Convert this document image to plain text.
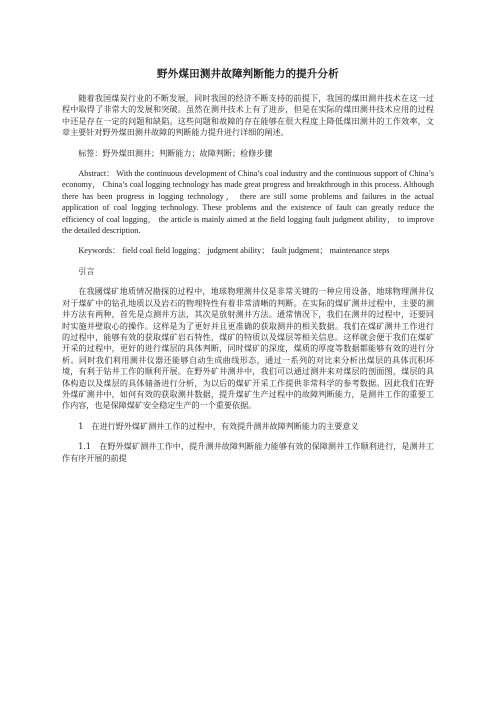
野外煤田测井故障判断能力的提升分析

随着我国煤炭行业的不断发展，同时我国的经济不断支持的前提下，我国的煤田测井技术在这一过程中取得了非常大的发展和突破。虽然在测井技术上有了进步，但是在实际的煤田测井技术应用的过程中还是存在一定的问题和缺陷。这些问题和故障的存在能够在很大程度上降低煤田测井的工作效率，文章主要针对野外煤田测井故障的判断能力提升进行详细的阐述。

标签：野外煤田测井；判断能力；故障判断；检修步骤

Abstract： With the continuous development of China’s coal industry and the continuous support of China’s economy， China’s coal logging technology has made great progress and breakthrough in this process. Although there has been progress in logging technology， there are still some problems and failures in the actual application of coal logging technology. These problems and the existence of fault can greatly reduce the efficiency of coal logging， the article is mainly aimed at the field logging fault judgment ability， to improve the detailed description.

Keywords： field coal field logging； judgment ability； fault judgment； maintenance steps

引言

在我國煤矿地质情况勘探的过程中，地球物理测井仪是非常关键的一种应用设备，地球物理测井仪对于煤矿中的钻孔地质以及岩石的物理特性有着非常清晰的判断。在实际的煤矿测井过程中，主要的测井方法有两种，首先是点测井方法，其次是放射测井方法。通常情况下，我们在测井的过程中，还要同时实施井壁取心的操作。这样是为了更好并且更准确的获取测井的相关数据。我们在煤矿测井工作进行的过程中，能够有效的获取煤矿岩石特性，煤矿的特质以及煤层等相关信息。这样就会便于我们在煤矿开采的过程中，更好的进行煤层的具体判断，同时煤矿的深度，煤质的厚度等数据都能够有效的进行分析。同时我们利用测井仪器还能够自动生成曲线形态，通过一系列的对比来分析出煤层的具体沉积环境，有利于钻井工作的顺利开展。在野外矿井测井中，我们可以通过测井来对煤层的剖面图，煤层的具体构造以及煤层的具体储备进行分析，为以后的煤矿开采工作提供非常科学的参考数据。因此我们在野外煤矿测井中，如何有效的获取测井数据，提升煤矿生产过程中的故障判断能力，是测井工作的重要工作内容，也是保障煤矿安全稳定生产的一个重要依据。

1　在进行野外煤矿测井工作的过程中，有效提升测井故障判断能力的主要意义

1.1　在野外煤矿测井工作中，提升测井故障判断能力能够有效的保障测井工作顺利进行，是测井工作有序开展的前提
